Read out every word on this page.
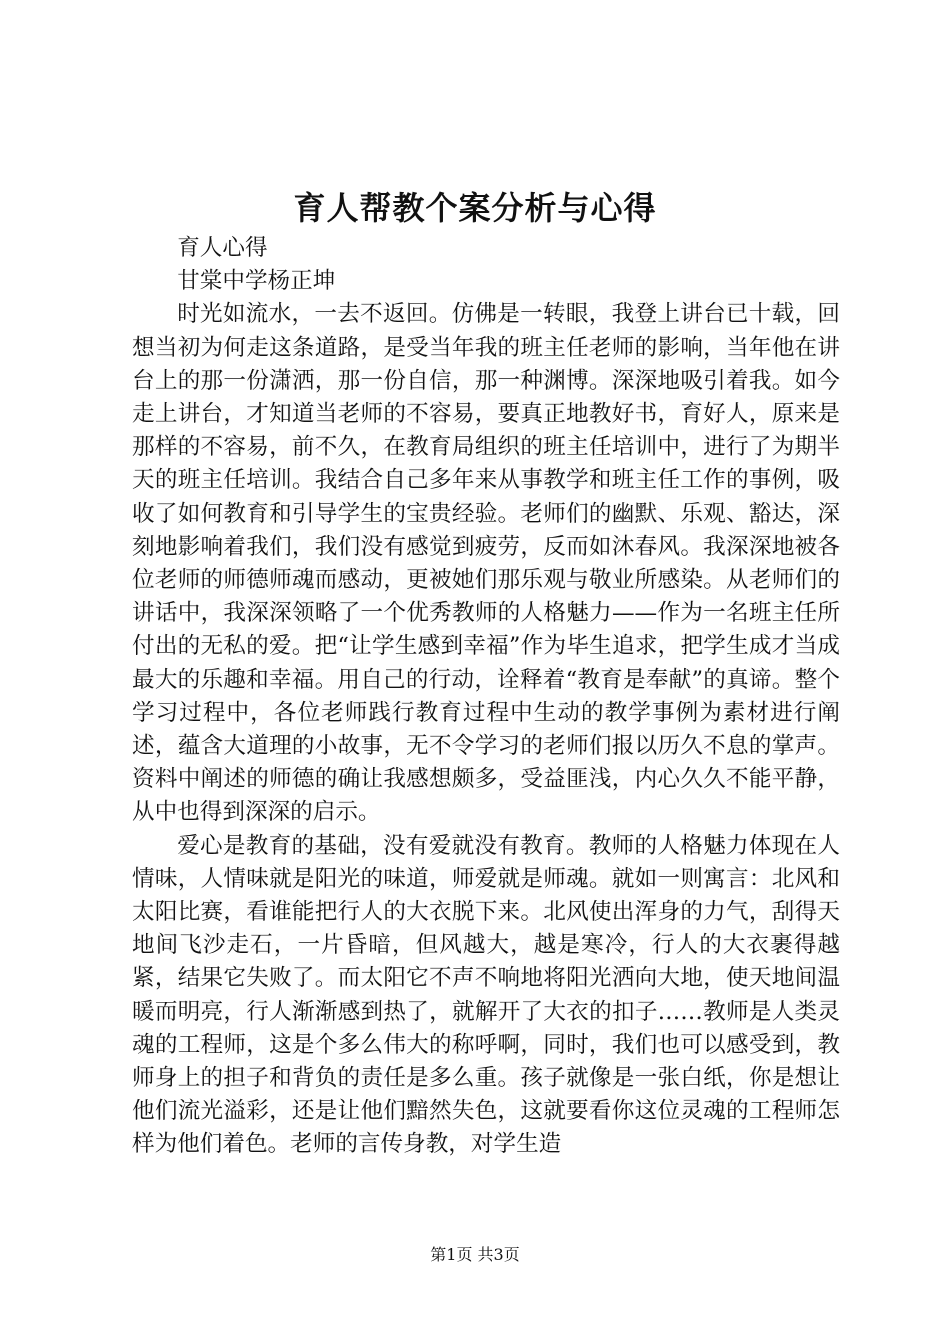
育人帮教个案分析与心得

育人心得

甘棠中学杨正坤

时光如流水，一去不返回。仿佛是一转眼，我登上讲台已十载，回想当初为何走这条道路，是受当年我的班主任老师的影响，当年他在讲台上的那一份潇洒，那一份自信，那一种渊博。深深地吸引着我。如今走上讲台，才知道当老师的不容易，要真正地教好书，育好人，原来是那样的不容易，前不久，在教育局组织的班主任培训中，进行了为期半天的班主任培训。我结合自己多年来从事教学和班主任工作的事例，吸收了如何教育和引导学生的宝贵经验。老师们的幽默、乐观、豁达，深刻地影响着我们，我们没有感觉到疲劳，反而如沐春风。我深深地被各位老师的师德师魂而感动，更被她们那乐观与敬业所感染。从老师们的讲话中，我深深领略了一个优秀教师的人格魅力——作为一名班主任所付出的无私的爱。把“让学生感到幸福”作为毕生追求，把学生成才当成最大的乐趣和幸福。用自己的行动，诠释着“教育是奉献”的真谛。整个学习过程中，各位老师践行教育过程中生动的教学事例为素材进行阐述，蕴含大道理的小故事，无不令学习的老师们报以历久不息的掌声。资料中阐述的师德的确让我感想颇多，受益匪浅，内心久久不能平静，从中也得到深深的启示。

爱心是教育的基础，没有爱就没有教育。教师的人格魅力体现在人情味，人情味就是阳光的味道，师爱就是师魂。就如一则寓言：北风和太阳比赛，看谁能把行人的大衣脱下来。北风使出浑身的力气，刮得天地间飞沙走石，一片昏暗，但风越大，越是寒冷，行人的大衣裹得越紧，结果它失败了。而太阳它不声不响地将阳光洒向大地，使天地间温暖而明亮，行人渐渐感到热了，就解开了大衣的扣子……教师是人类灵魂的工程师，这是个多么伟大的称呼啊，同时，我们也可以感受到，教师身上的担子和背负的责任是多么重。孩子就像是一张白纸，你是想让他们流光溢彩，还是让他们黯然失色，这就要看你这位灵魂的工程师怎样为他们着色。老师的言传身教，对学生造

第1页 共3页
